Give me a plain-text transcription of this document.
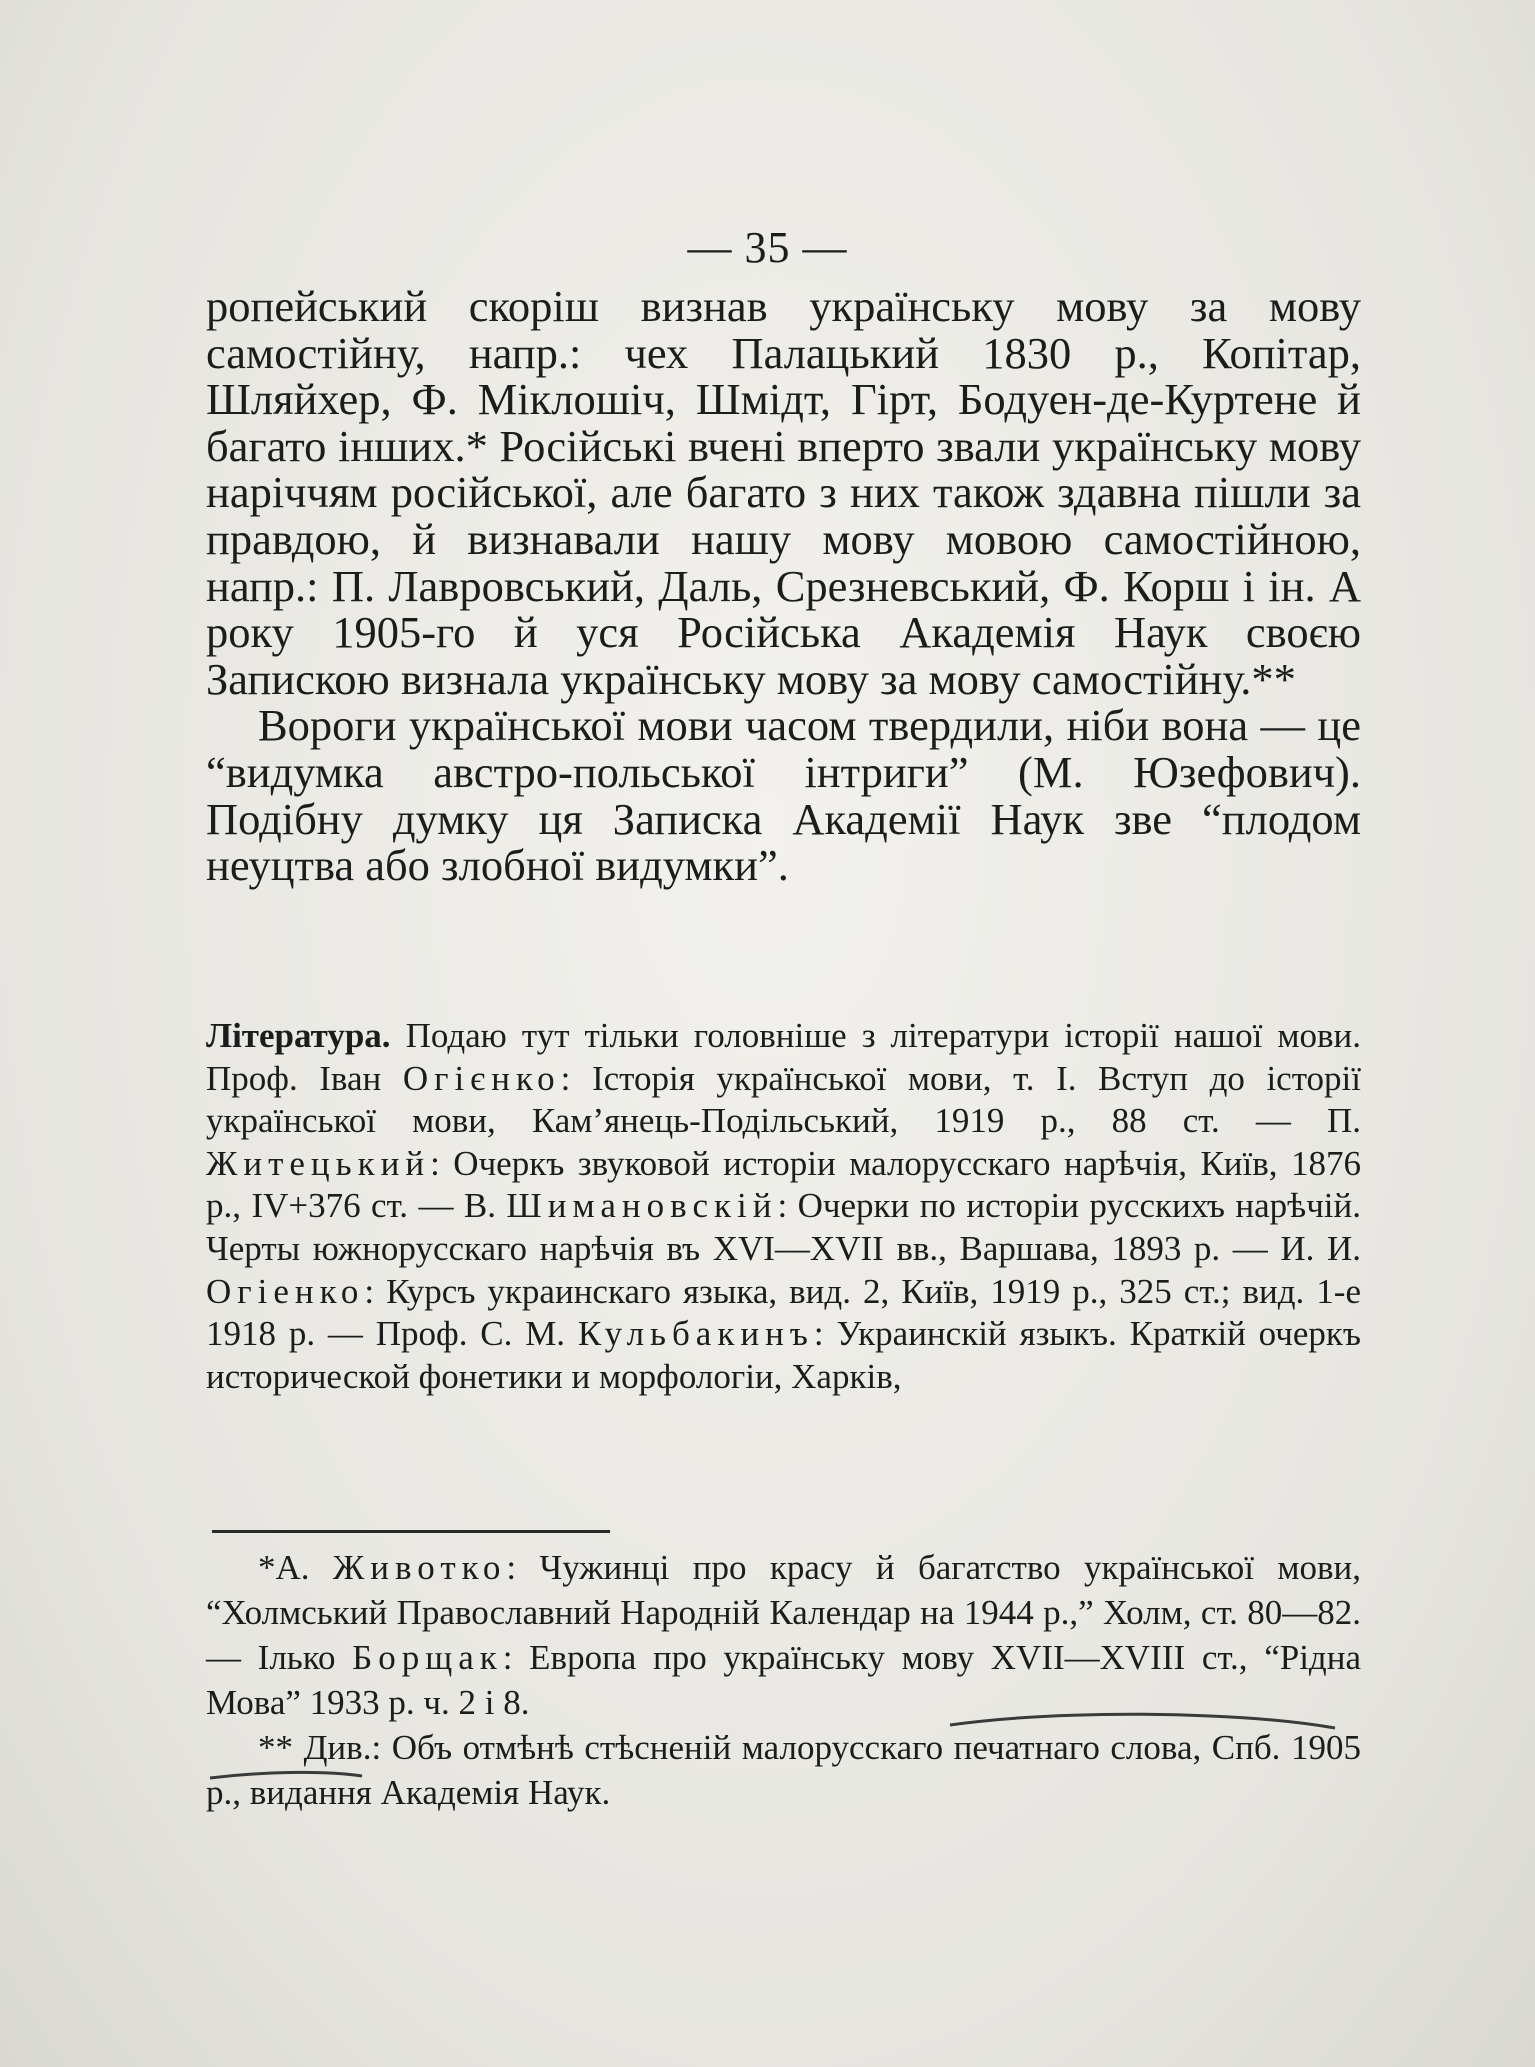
— 35 —

ропейський скоріш визнав українську мову за мову самостійну, напр.: чех Палацький 1830 р., Копітар, Шляйхер, Ф. Міклошіч, Шмідт, Гірт, Бодуен-де-Куртене й багато інших.* Російські вчені вперто звали українську мову наріччям російської, але багато з них також здавна пішли за правдою, й визнавали нашу мову мовою самостійною, напр.: П. Лавровський, Даль, Срезневський, Ф. Корш і ін. А року 1905-го й уся Російська Академія Наук своєю Запискою визнала українську мову за мову самостійну.**

Вороги української мови часом твердили, ніби вона — це “видумка австро-польської інтриги” (М. Юзефович). Подібну думку ця Записка Академії Наук зве “плодом неуцтва або злобної видумки”.

Література. Подаю тут тільки головніше з літератури історії нашої мови. Проф. Іван Огієнко: Історія української мови, т. І. Вступ до історії української мови, Кам’янець-Подільський, 1919 р., 88 ст. — П. Житецький: Очеркъ звуковой исторіи малорусскаго нарѣчія, Київ, 1876 р., IV+376 ст. — В. Шимановскій: Очерки по исторіи русскихъ нарѣчій. Черты южнорусскаго нарѣчія въ XVI—XVII вв., Варшава, 1893 р. — И. И. Огіенко: Курсъ украинскаго языка, вид. 2, Київ, 1919 р., 325 ст.; вид. 1-е 1918 р. — Проф. С. М. Кульбакинъ: Украинскій языкъ. Краткій очеркъ исторической фонетики и морфологіи, Харків,

*А. Животко: Чужинці про красу й багатство української мови, “Холмський Православний Народній Календар на 1944 р.,” Холм, ст. 80—82. — Ілько Борщак: Европа про українську мову XVII—XVIII ст., “Рідна Мова” 1933 р. ч. 2 і 8.

** Див.: Объ отмѣнѣ стѣсненій малорусскаго печатнаго слова, Спб. 1905 р., видання Академія Наук.
